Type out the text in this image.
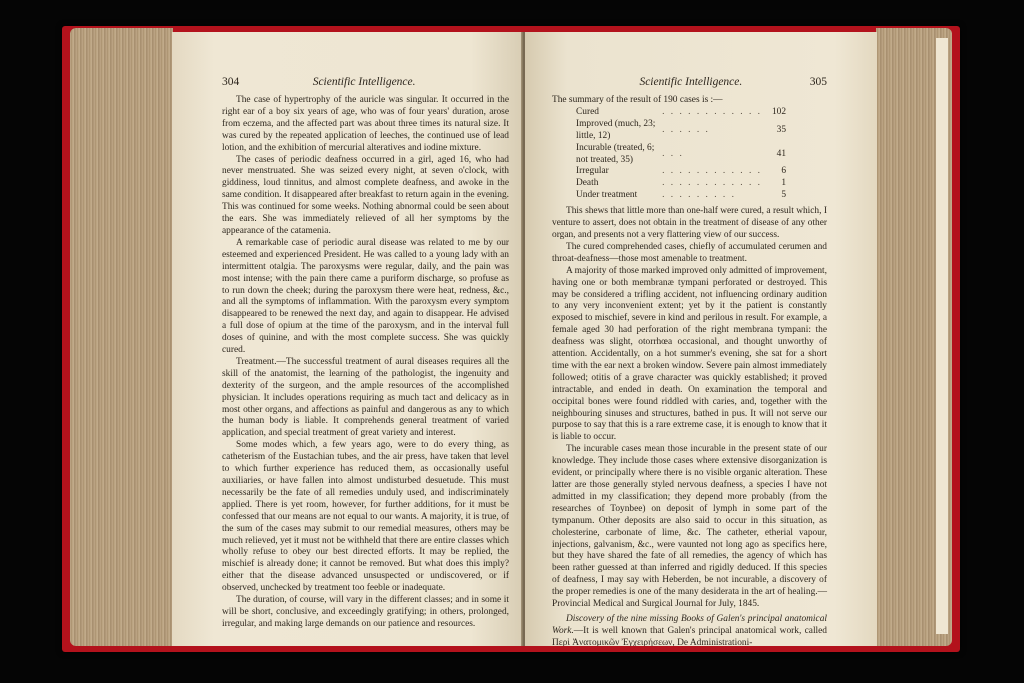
304	Scientific Intelligence.

The case of hypertrophy of the auricle was singular. It occurred in the right ear of a boy six years of age, who was of four years' duration, arose from eczema, and the affected part was about three times its natural size. It was cured by the repeated application of leeches, the continued use of lead lotion, and the exhibition of mercurial alteratives and iodine mixture.

The cases of periodic deafness occurred in a girl, aged 16, who had never menstruated. She was seized every night, at seven o'clock, with giddiness, loud tinnitus, and almost complete deafness, and awoke in the same condition. It disappeared after breakfast to return again in the evening. This was continued for some weeks. Nothing abnormal could be seen about the ears. She was immediately relieved of all her symptoms by the appearance of the catamenia.

A remarkable case of periodic aural disease was related to me by our esteemed and experienced President. He was called to a young lady with an intermittent otalgia. The paroxysms were regular, daily, and the pain was most intense; with the pain there came a puriform discharge, so profuse as to run down the cheek; during the paroxysm there were heat, redness, &c., and all the symptoms of inflammation. With the paroxysm every symptom disappeared to be renewed the next day, and again to disappear. He advised a full dose of opium at the time of the paroxysm, and in the interval full doses of quinine, and with the most complete success. She was quickly cured.

Treatment.—The successful treatment of aural diseases requires all the skill of the anatomist, the learning of the pathologist, the ingenuity and dexterity of the surgeon, and the ample resources of the accomplished physician. It includes operations requiring as much tact and delicacy as in most other organs, and affections as painful and dangerous as any to which the human body is liable. It comprehends general treatment of varied application, and special treatment of great variety and interest.

Some modes which, a few years ago, were to do every thing, as catheterism of the Eustachian tubes, and the air press, have taken that level to which further experience has reduced them, as occasionally useful auxiliaries, or have fallen into almost undisturbed desuetude. This must necessarily be the fate of all remedies unduly used, and indiscriminately applied. There is yet room, however, for further additions, for it must be confessed that our means are not equal to our wants. A majority, it is true, of the sum of the cases may submit to our remedial measures, others may be much relieved, yet it must not be withheld that there are entire classes which wholly refuse to obey our best directed efforts. It may be replied, the mischief is already done; it cannot be removed. But what does this imply? either that the disease advanced unsuspected or undiscovered, or if observed, unchecked by treatment too feeble or inadequate.

The duration, of course, will vary in the different classes; and in some it will be short, conclusive, and exceedingly gratifying; in others, prolonged, irregular, and making large demands on our patience and resources.

Scientific Intelligence.	305

The summary of the result of 190 cases is :—

Cured	. . . . . . . . . . . .	102
Improved (much, 23; little, 12)	. . . . . .	35
Incurable (treated, 6; not treated, 35)	. . .	41
Irregular	. . . . . . . . . . . .	6
Death	. . . . . . . . . . . .	1
Under treatment	. . . . . . . . .	5

This shews that little more than one-half were cured, a result which, I venture to assert, does not obtain in the treatment of disease of any other organ, and presents not a very flattering view of our success.

The cured comprehended cases, chiefly of accumulated cerumen and throat-deafness—those most amenable to treatment.

A majority of those marked improved only admitted of improvement, having one or both membranæ tympani perforated or destroyed. This may be considered a trifling accident, not influencing ordinary audition to any very inconvenient extent; yet by it the patient is constantly exposed to mischief, severe in kind and perilous in result. For example, a female aged 30 had perforation of the right membrana tympani: the deafness was slight, otorrhœa occasional, and thought unworthy of attention. Accidentally, on a hot summer's evening, she sat for a short time with the ear next a broken window. Severe pain almost immediately followed; otitis of a grave character was quickly established; it proved intractable, and ended in death. On examination the temporal and occipital bones were found riddled with caries, and, together with the neighbouring sinuses and structures, bathed in pus. It will not serve our purpose to say that this is a rare extreme case, it is enough to know that it is liable to occur.

The incurable cases mean those incurable in the present state of our knowledge. They include those cases where extensive disorganization is evident, or principally where there is no visible organic alteration. These latter are those generally styled nervous deafness, a species I have not admitted in my classification; they depend more probably (from the researches of Toynbee) on deposit of lymph in some part of the tympanum. Other deposits are also said to occur in this situation, as cholesterine, carbonate of lime, &c. The catheter, etherial vapour, injections, galvanism, &c., were vaunted not long ago as specifics here, but they have shared the fate of all remedies, the agency of which has been rather guessed at than inferred and rigidly deduced. If this species of deafness, I may say with Heberden, be not incurable, a discovery of the proper remedies is one of the many desiderata in the art of healing.—Provincial Medical and Surgical Journal for July, 1845.

Discovery of the nine missing Books of Galen's principal anatomical Work.—It is well known that Galen's principal anatomical work, called Περὶ Ἀνατομικῶν Ἐγχειρήσεων, De Administrationi-
